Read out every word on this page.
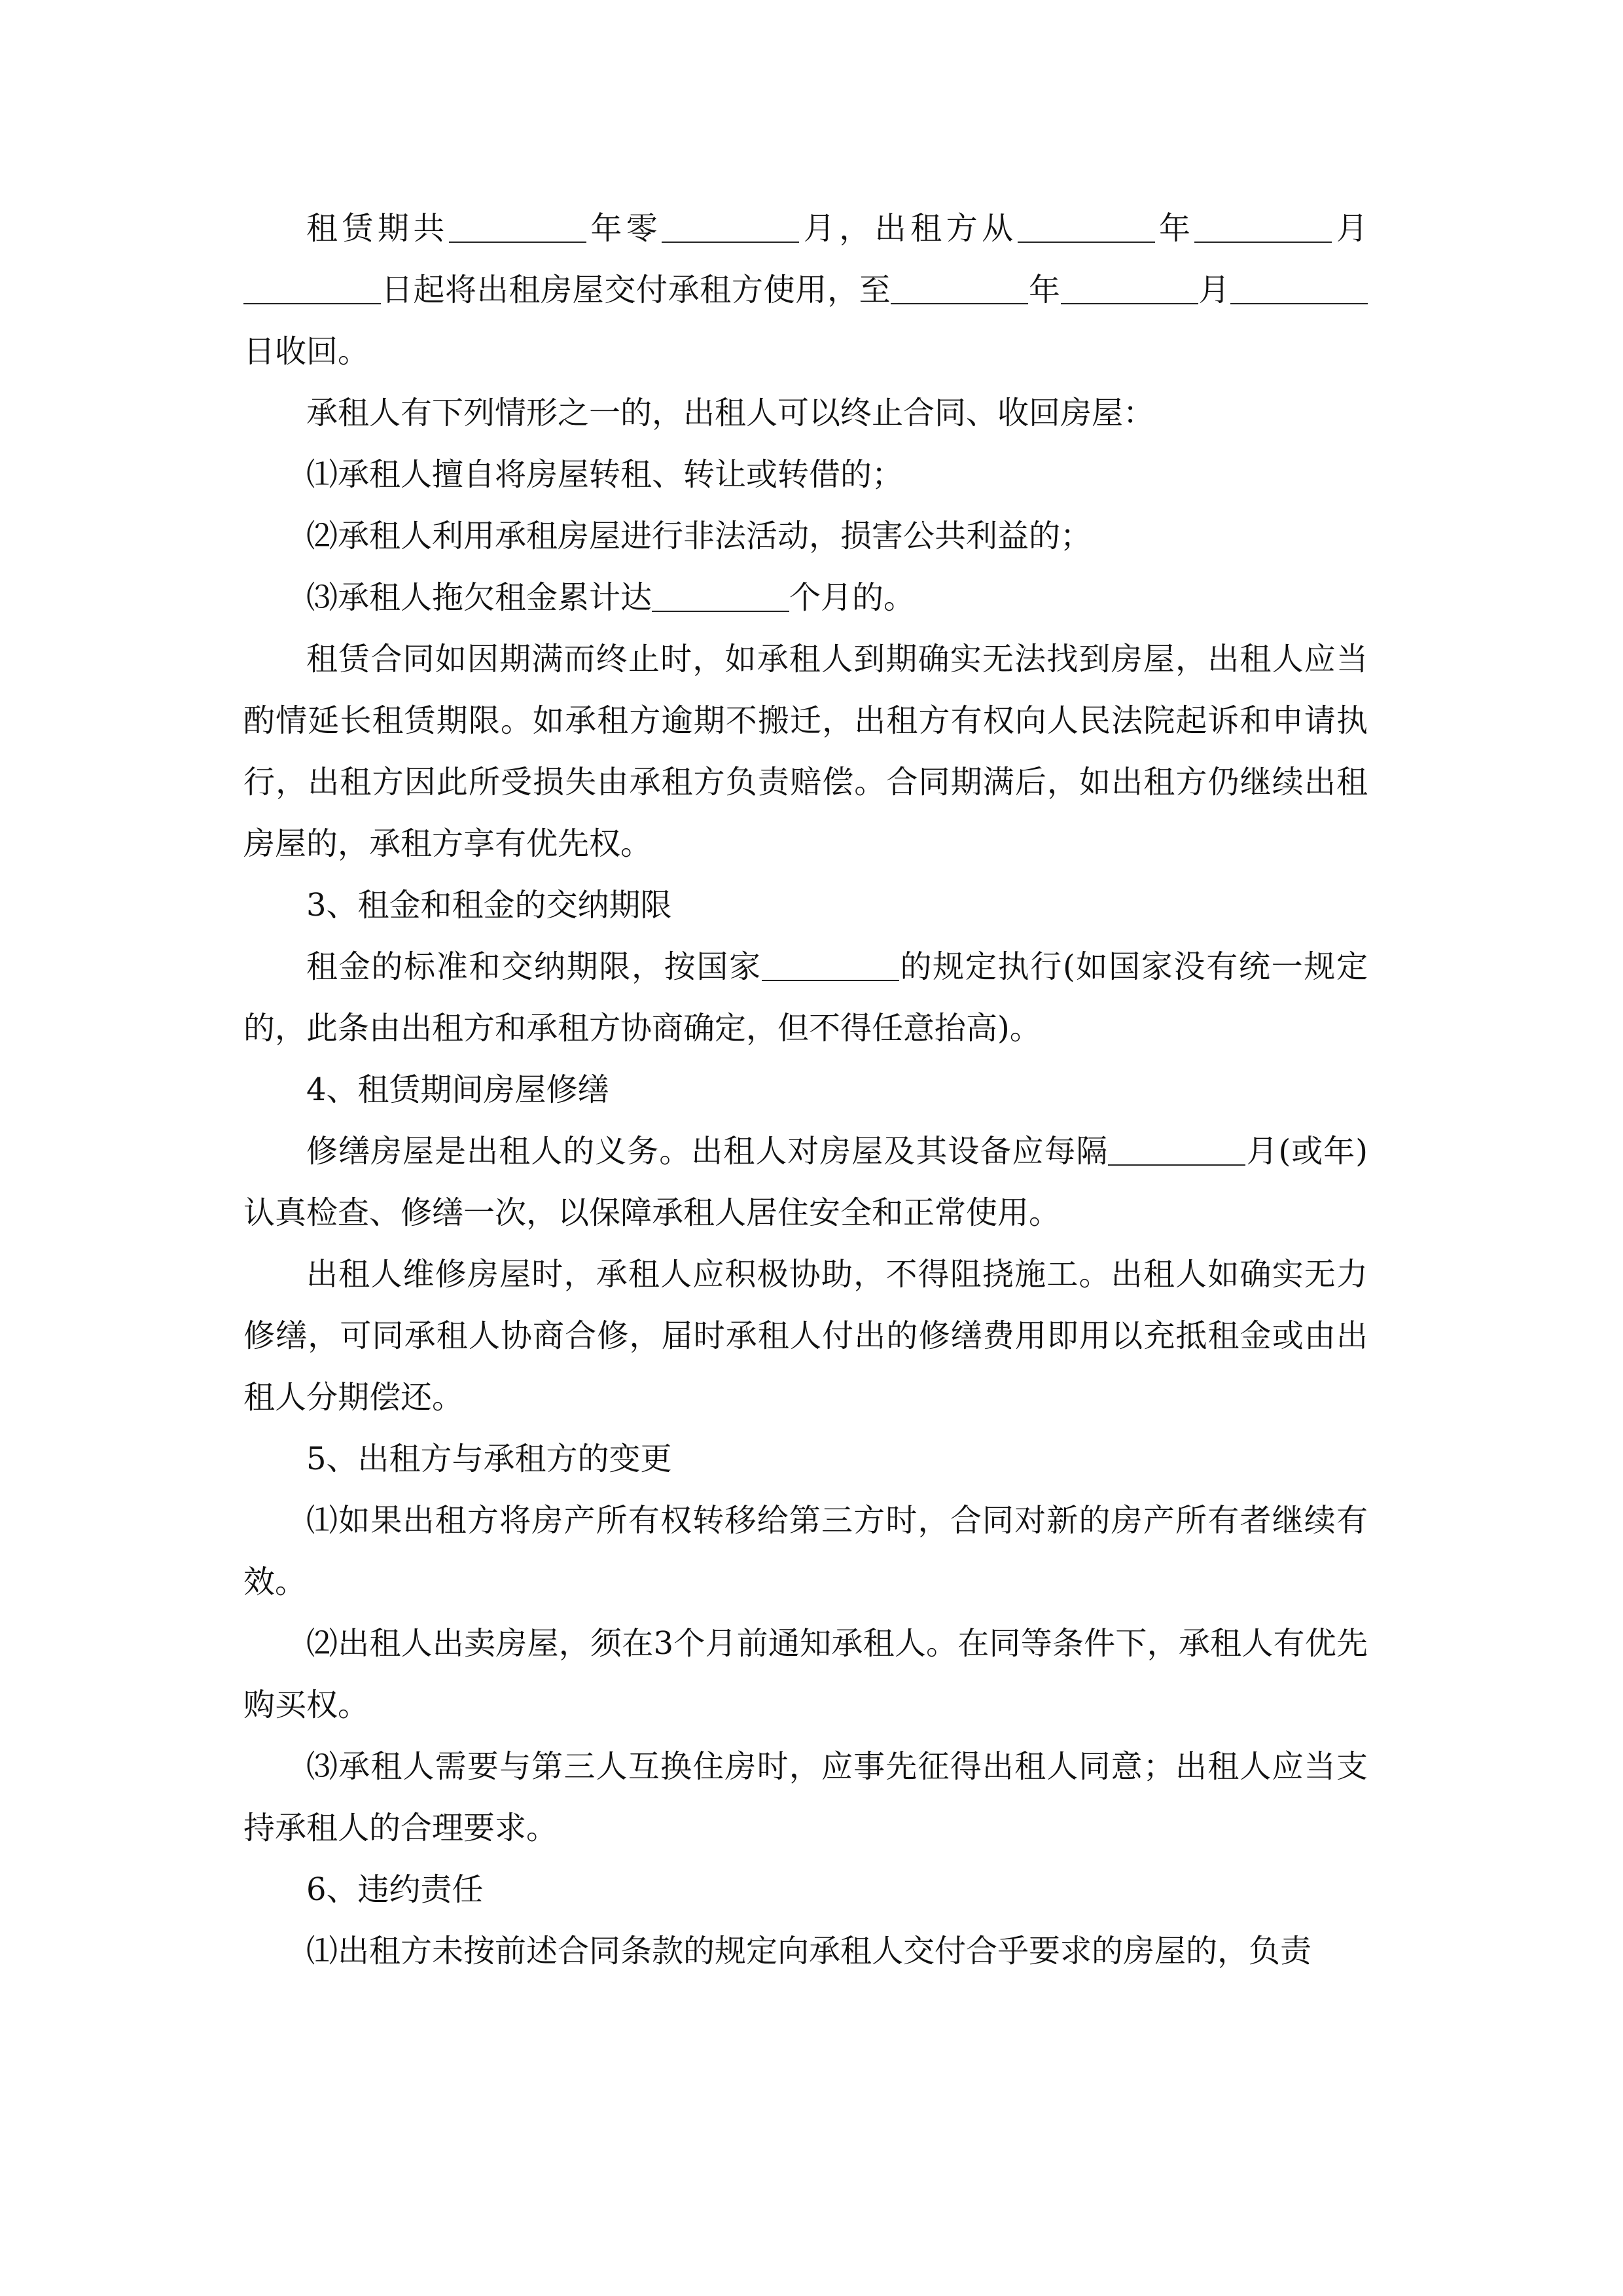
租赁期共	年零	月，出租方从	年	月日起将出租房屋交付承租方使用，至	年	月日收回。

承租人有下列情形之一的，出租人可以终止合同、收回房屋：

⑴承租人擅自将房屋转租、转让或转借的；

⑵承租人利用承租房屋进行非法活动，损害公共利益的；

⑶承租人拖欠租金累计达	个月的。

租赁合同如因期满而终止时，如承租人到期确实无法找到房屋，出租人应当酌情延长租赁期限。如承租方逾期不搬迁，出租方有权向人民法院起诉和申请执行，出租方因此所受损失由承租方负责赔偿。合同期满后，如出租方仍继续出租房屋的，承租方享有优先权。

3、租金和租金的交纳期限

租金的标准和交纳期限，按国家	的规定执行(如国家没有统一规定的，此条由出租方和承租方协商确定，但不得任意抬高)。

4、租赁期间房屋修缮

修缮房屋是出租人的义务。出租人对房屋及其设备应每隔	月(或年)认真检查、修缮一次，以保障承租人居住安全和正常使用。

出租人维修房屋时，承租人应积极协助，不得阻挠施工。出租人如确实无力修缮，可同承租人协商合修，届时承租人付出的修缮费用即用以充抵租金或由出租人分期偿还。

5、出租方与承租方的变更

⑴如果出租方将房产所有权转移给第三方时，合同对新的房产所有者继续有效。

⑵出租人出卖房屋，须在3个月前通知承租人。在同等条件下，承租人有优先购买权。

⑶承租人需要与第三人互换住房时，应事先征得出租人同意；出租人应当支持承租人的合理要求。

6、违约责任

⑴出租方未按前述合同条款的规定向承租人交付合乎要求的房屋的，负责
